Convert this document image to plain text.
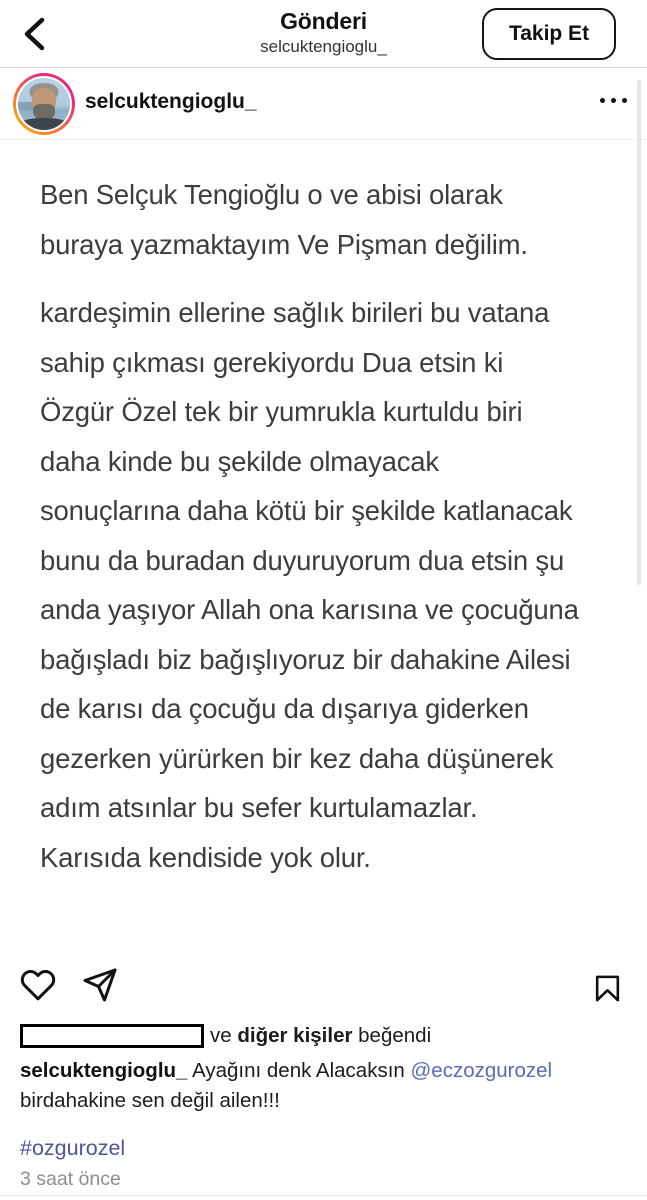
Gönderi
selcuktengioglu_
Takip Et
selcuktengioglu_
Ben Selçuk Tengioğlu o ve abisi olarak
buraya yazmaktayım Ve Pişman değilim.
kardeşimin ellerine sağlık birileri bu vatana
sahip çıkması gerekiyordu Dua etsin ki
Özgür Özel tek bir yumrukla kurtuldu biri
daha kinde bu şekilde olmayacak
sonuçlarına daha kötü bir şekilde katlanacak
bunu da buradan duyuruyorum dua etsin şu
anda yaşıyor Allah ona karısına ve çocuğuna
bağışladı biz bağışlıyoruz bir dahakine Ailesi
de karısı da çocuğu da dışarıya giderken
gezerken yürürken bir kez daha düşünerek
adım atsınlar bu sefer kurtulamazlar.
Karısıda kendiside yok olur.
ve
diğer kişiler
beğendi
selcuktengioglu_ Ayağını denk Alacaksın @eczozgurozel
birdahakine sen değil ailen!!!
#ozgurozel
3 saat önce
